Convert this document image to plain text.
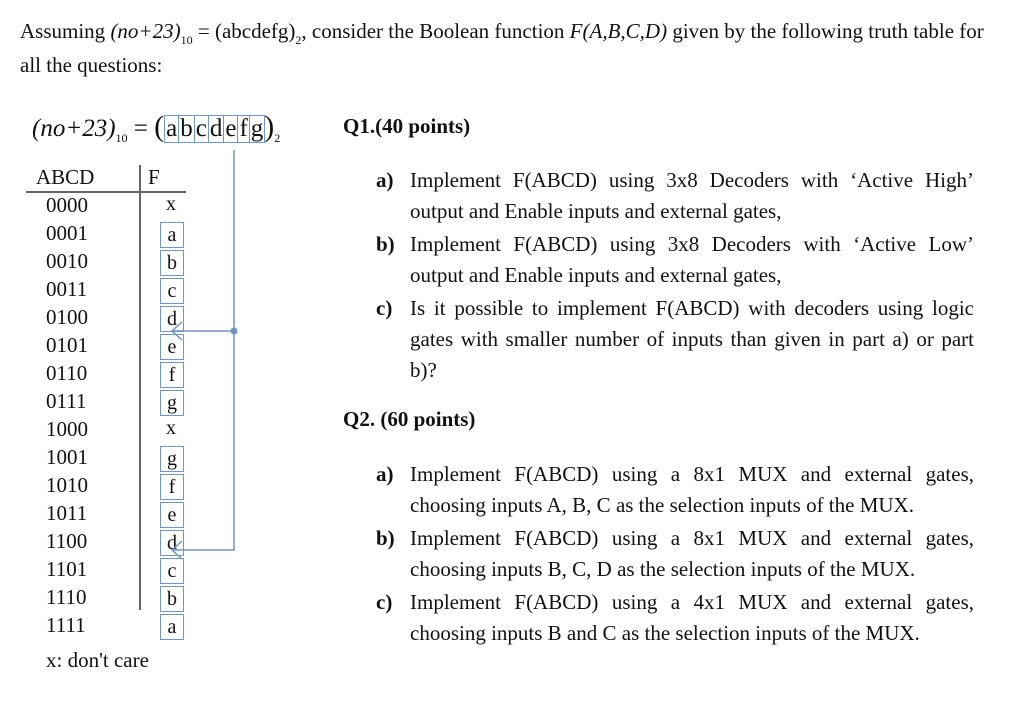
Assuming $(no+23)_{10}$ = $(abcdefg)_2$, consider the Boolean function F(A,B,C,D) given by the following truth table for all the questions:
$(no+23)_{10} = (a$ b c d e f $g)_2$
ABCD	F
0000	x
0001	a
0010	b
0011	c
0100	d
0101	e
0110	f
0111	g
1000	x
1001	g
1010	f
1011	e
1100	d
1101	c
1110	b
1111	a
x: don't care
Q1.(40 points)
a) Implement F(ABCD) using 3x8 Decoders with ‘Active High’ output and Enable inputs and external gates,
b) Implement F(ABCD) using 3x8 Decoders with ‘Active Low’ output and Enable inputs and external gates,
c) Is it possible to implement F(ABCD) with decoders using logic gates with smaller number of inputs than given in part a) or part b)?
Q2. (60 points)
a) Implement F(ABCD) using a 8x1 MUX and external gates, choosing inputs A, B, C as the selection inputs of the MUX.
b) Implement F(ABCD) using a 8x1 MUX and external gates, choosing inputs B, C, D as the selection inputs of the MUX.
c) Implement F(ABCD) using a 4x1 MUX and external gates, choosing inputs B and C as the selection inputs of the MUX.
